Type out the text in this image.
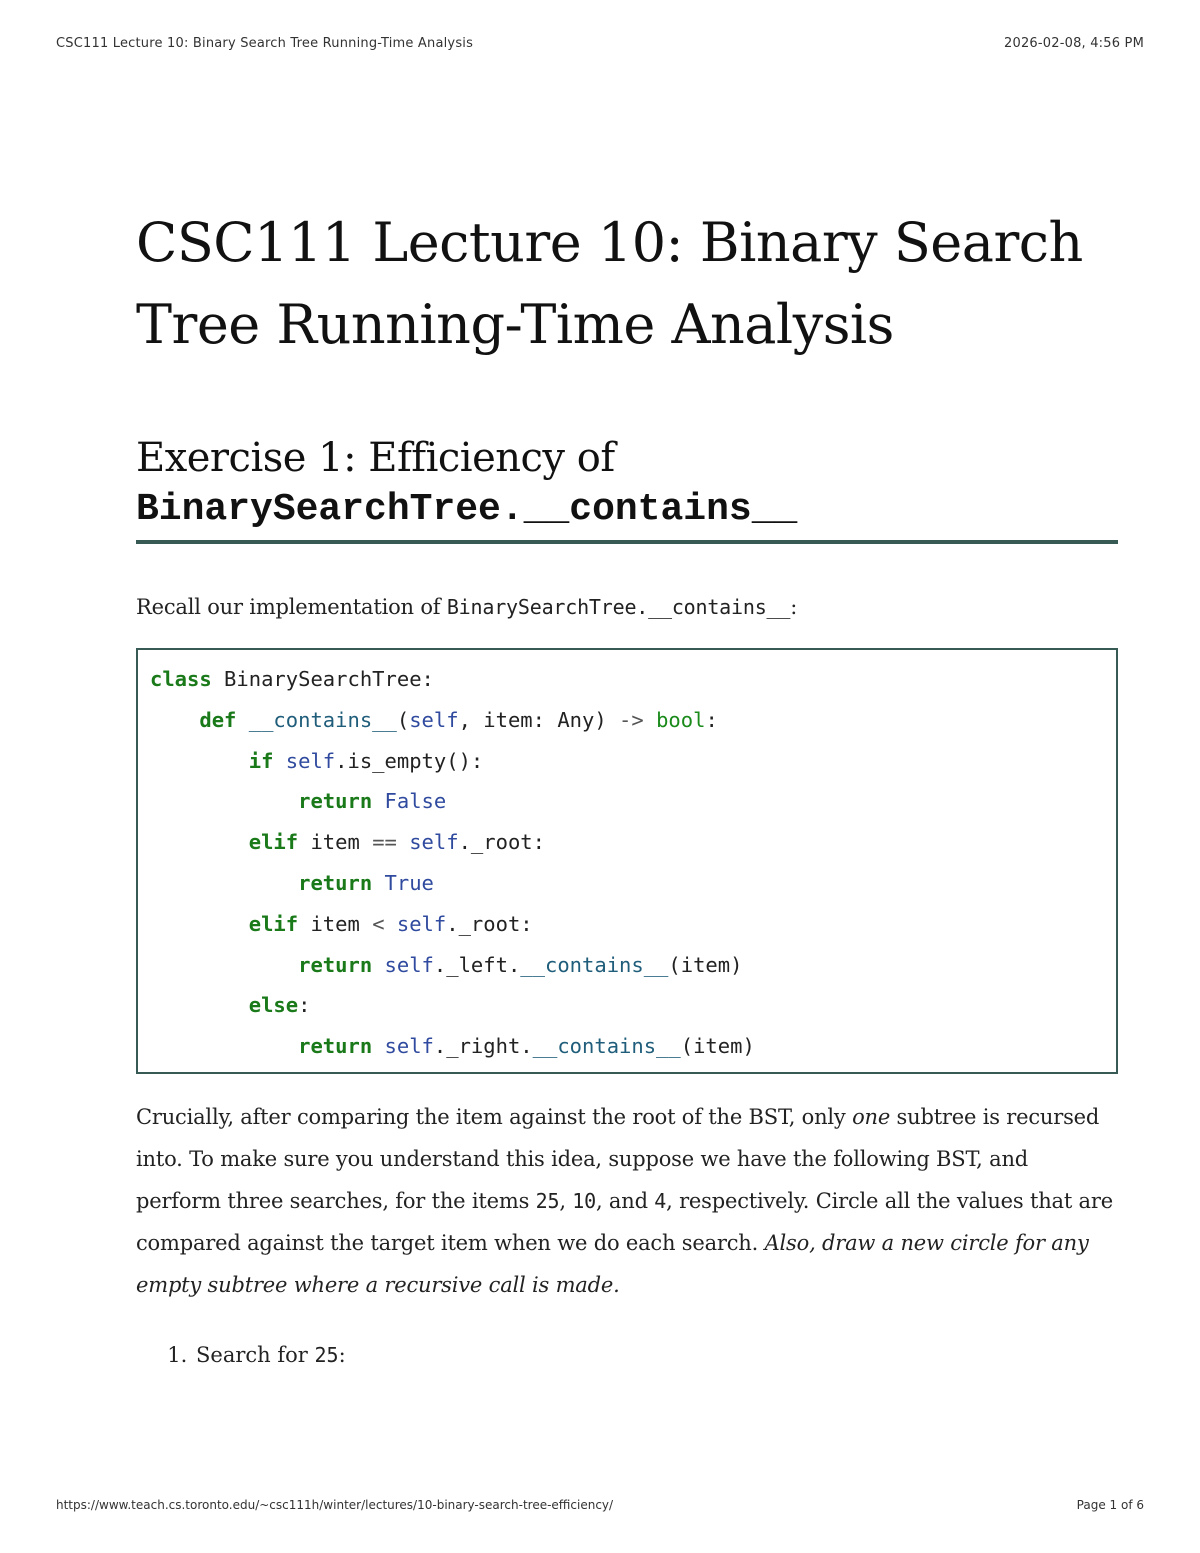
CSC111 Lecture 10: Binary Search Tree Running-Time Analysis	2026-02-08, 4:56 PM
CSC111 Lecture 10: Binary Search
Tree Running-Time Analysis
Exercise 1: Efficiency of
BinarySearchTree.__contains__

Recall our implementation of BinarySearchTree.__contains__:

class BinarySearchTree:
def __contains__(self, item: Any) -> bool:
if self.is_empty():
return False
elif item == self._root:
return True
elif item < self._root:
return self._left.__contains__(item)
else:
return self._right.__contains__(item)

Crucially, after comparing the item against the root of the BST, only one subtree is recursed into. To make sure you understand this idea, suppose we have the following BST, and perform three searches, for the items 25, 10, and 4, respectively. Circle all the values that are compared against the target item when we do each search. Also, draw a new circle for any empty subtree where a recursive call is made.

1. Search for 25:
https://www.teach.cs.toronto.edu/~csc111h/winter/lectures/10-binary-search-tree-efficiency/	Page 1 of 6
